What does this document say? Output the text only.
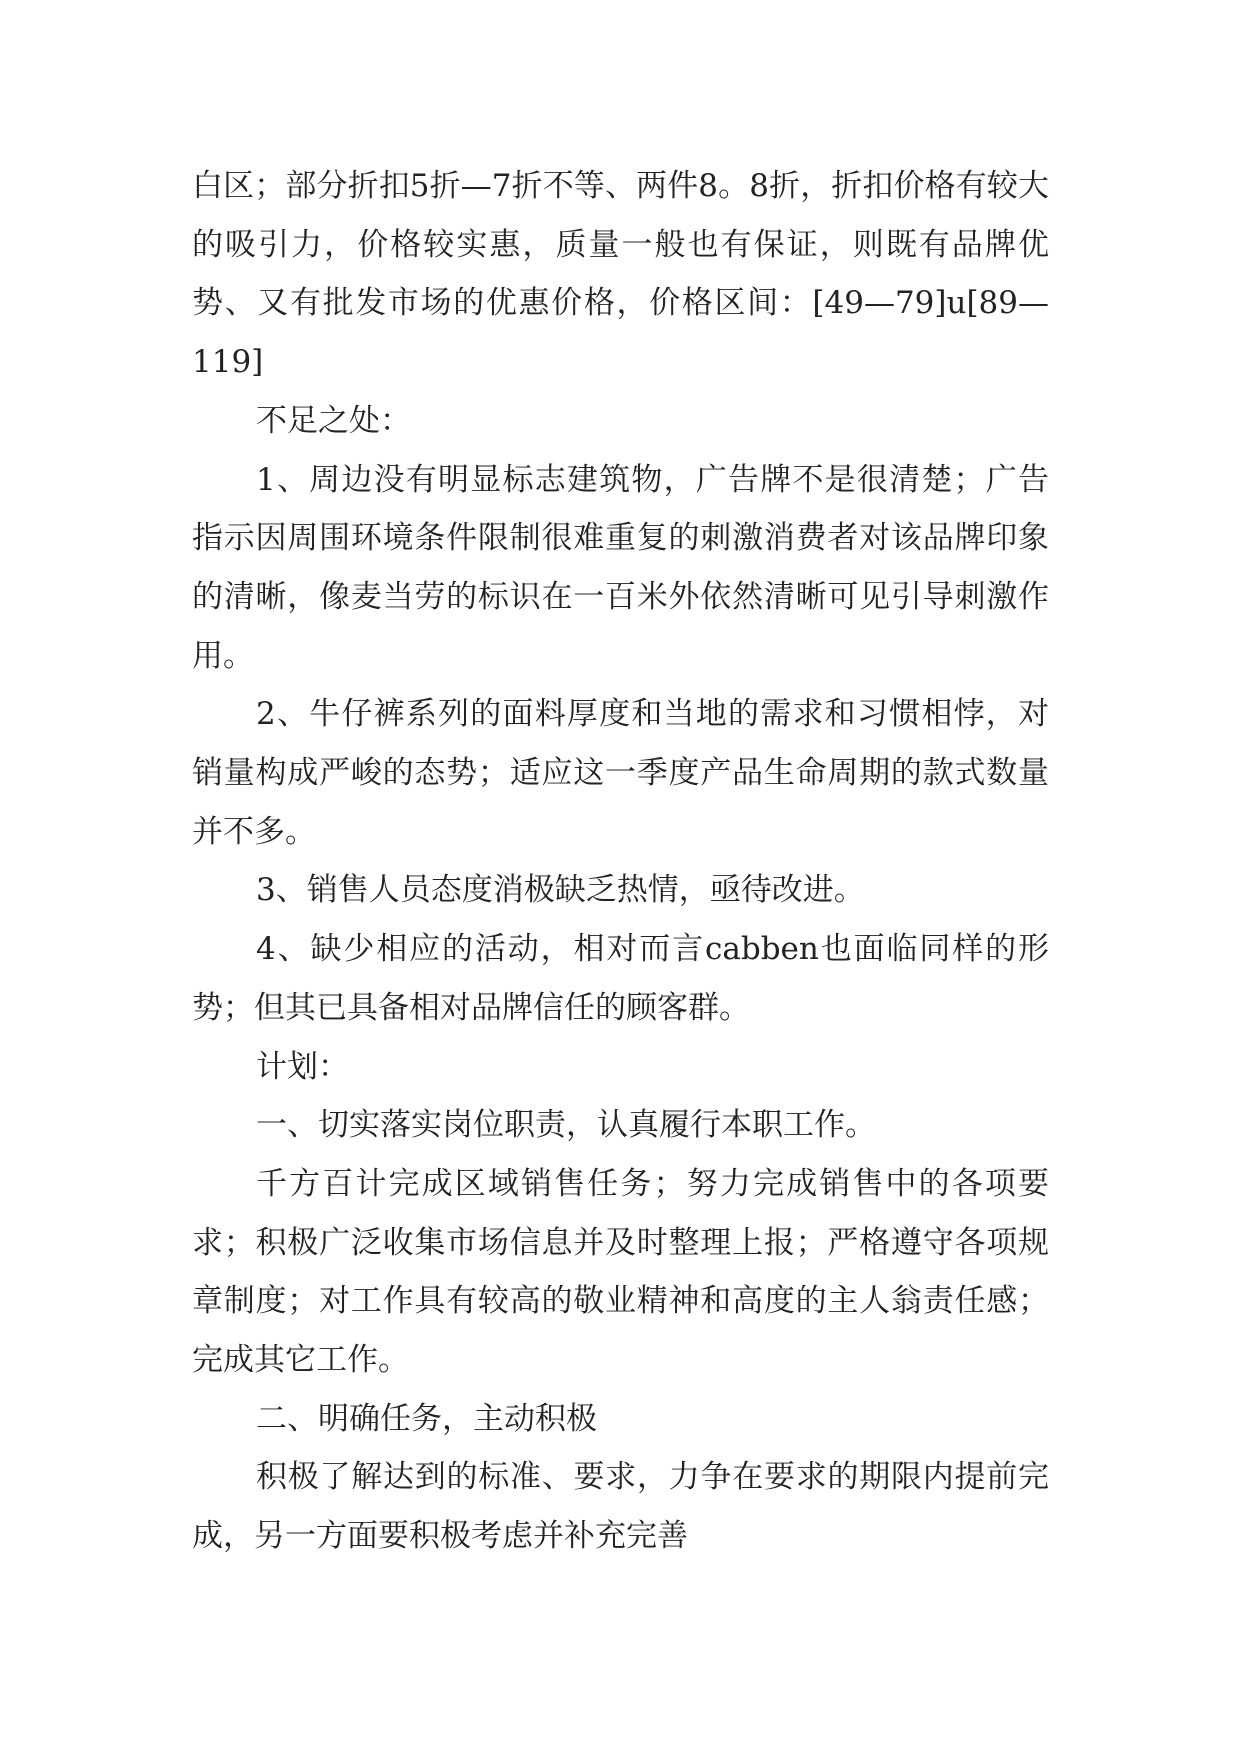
白区；部分折扣5折—7折不等、两件8。8折，折扣价格有较大的吸引力，价格较实惠，质量一般也有保证，则既有品牌优势、又有批发市场的优惠价格，价格区间：[49—79]u[89—119]

不足之处：

1、周边没有明显标志建筑物，广告牌不是很清楚；广告指示因周围环境条件限制很难重复的刺激消费者对该品牌印象的清晰，像麦当劳的标识在一百米外依然清晰可见引导刺激作用。

2、牛仔裤系列的面料厚度和当地的需求和习惯相悖，对销量构成严峻的态势；适应这一季度产品生命周期的款式数量并不多。

3、销售人员态度消极缺乏热情，亟待改进。

4、缺少相应的活动，相对而言cabben也面临同样的形势；但其已具备相对品牌信任的顾客群。

计划：

一、切实落实岗位职责，认真履行本职工作。

千方百计完成区域销售任务；努力完成销售中的各项要求；积极广泛收集市场信息并及时整理上报；严格遵守各项规章制度；对工作具有较高的敬业精神和高度的主人翁责任感；完成其它工作。

二、明确任务，主动积极

积极了解达到的标准、要求，力争在要求的期限内提前完成，另一方面要积极考虑并补充完善
